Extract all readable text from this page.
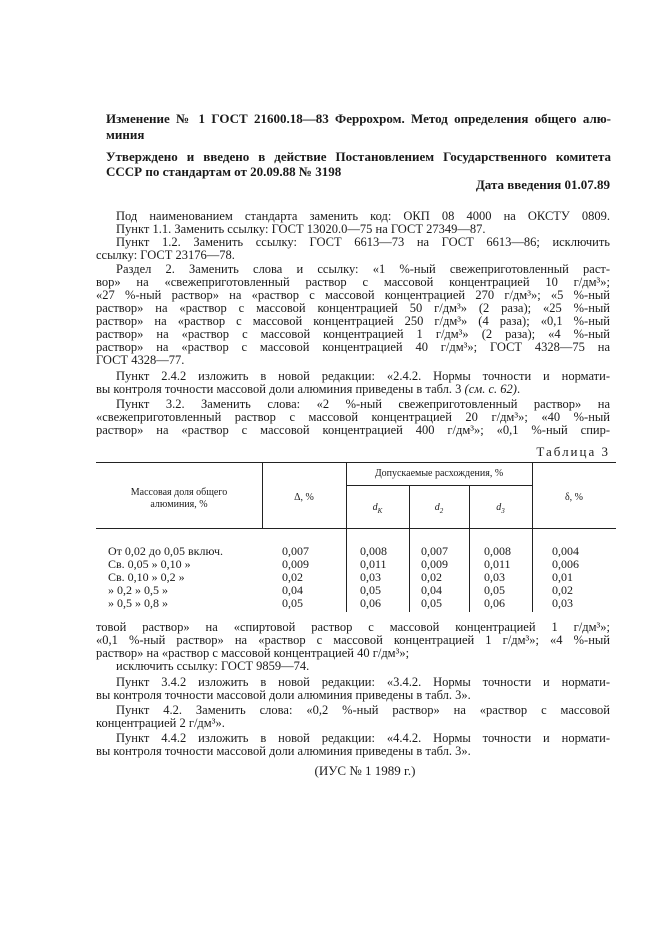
Изменение № 1 ГОСТ 21600.18—83 Феррохром. Метод определения общего алю-
миния
Утверждено и введено в действие Постановлением Государственного комитета
СССР по стандартам от 20.09.88 № 3198
Дата введения 01.07.89
Под наименованием стандарта заменить код: ОКП 08 4000 на ОКСТУ 0809.
Пункт 1.1. Заменить ссылку: ГОСТ 13020.0—75 на ГОСТ 27349—87.
Пункт 1.2. Заменить ссылку: ГОСТ 6613—73 на ГОСТ 6613—86; исключить
ссылку: ГОСТ 23176—78.
Раздел 2. Заменить слова и ссылку: «1 %-ный свежеприготовленный раст-
вор» на «свежеприготовленный раствор с массовой концентрацией 10 г/дм³»;
«27 %-ный раствор» на «раствор с массовой концентрацией 270 г/дм³»; «5 %-ный
раствор» на «раствор с массовой концентрацией 50 г/дм³» (2 раза); «25 %-ный
раствор» на «раствор с массовой концентрацией 250 г/дм³» (4 раза); «0,1 %-ный
раствор» на «раствор с массовой концентрацией 1 г/дм³» (2 раза); «4 %-ный
раствор» на «раствор с массовой концентрацией 40 г/дм³»; ГОСТ 4328—75 на
ГОСТ 4328—77.
Пункт 2.4.2 изложить в новой редакции: «2.4.2. Нормы точности и нормати-
вы контроля точности массовой доли алюминия приведены в табл. 3 (см. с. 62).
Пункт 3.2. Заменить слова: «2 %-ный свежеприготовленный раствор» на
«свежеприготовленный раствор с массовой концентрацией 20 г/дм³»; «40 %-ный
раствор» на «раствор с массовой концентрацией 400 г/дм³»; «0,1 %-ный спир-
Таблица 3
Массовая доля общего
алюминия, %
Δ, %
Допускаемые расхождения, %
$d_К$	$d_2$	$d_3$
δ, %
От 0,02 до 0,05 включ.	0,007	0,008	0,007	0,008	0,004
Св. 0,05 » 0,10 »	0,009	0,011	0,009	0,011	0,006
Св. 0,10 » 0,2 »	0,02	0,03	0,02	0,03	0,01
» 0,2 » 0,5 »	0,04	0,05	0,04	0,05	0,02
» 0,5 » 0,8 »	0,05	0,06	0,05	0,06	0,03
товой раствор» на «спиртовой раствор с массовой концентрацией 1 г/дм³»;
«0,1 %-ный раствор» на «раствор с массовой концентрацией 1 г/дм³»; «4 %-ный
раствор» на «раствор с массовой концентрацией 40 г/дм³»;
исключить ссылку: ГОСТ 9859—74.
Пункт 3.4.2 изложить в новой редакции: «3.4.2. Нормы точности и нормати-
вы контроля точности массовой доли алюминия приведены в табл. 3».
Пункт 4.2. Заменить слова: «0,2 %-ный раствор» на «раствор с массовой
концентрацией 2 г/дм³».
Пункт 4.4.2 изложить в новой редакции: «4.4.2. Нормы точности и нормати-
вы контроля точности массовой доли алюминия приведены в табл. 3».
(ИУС № 1 1989 г.)
